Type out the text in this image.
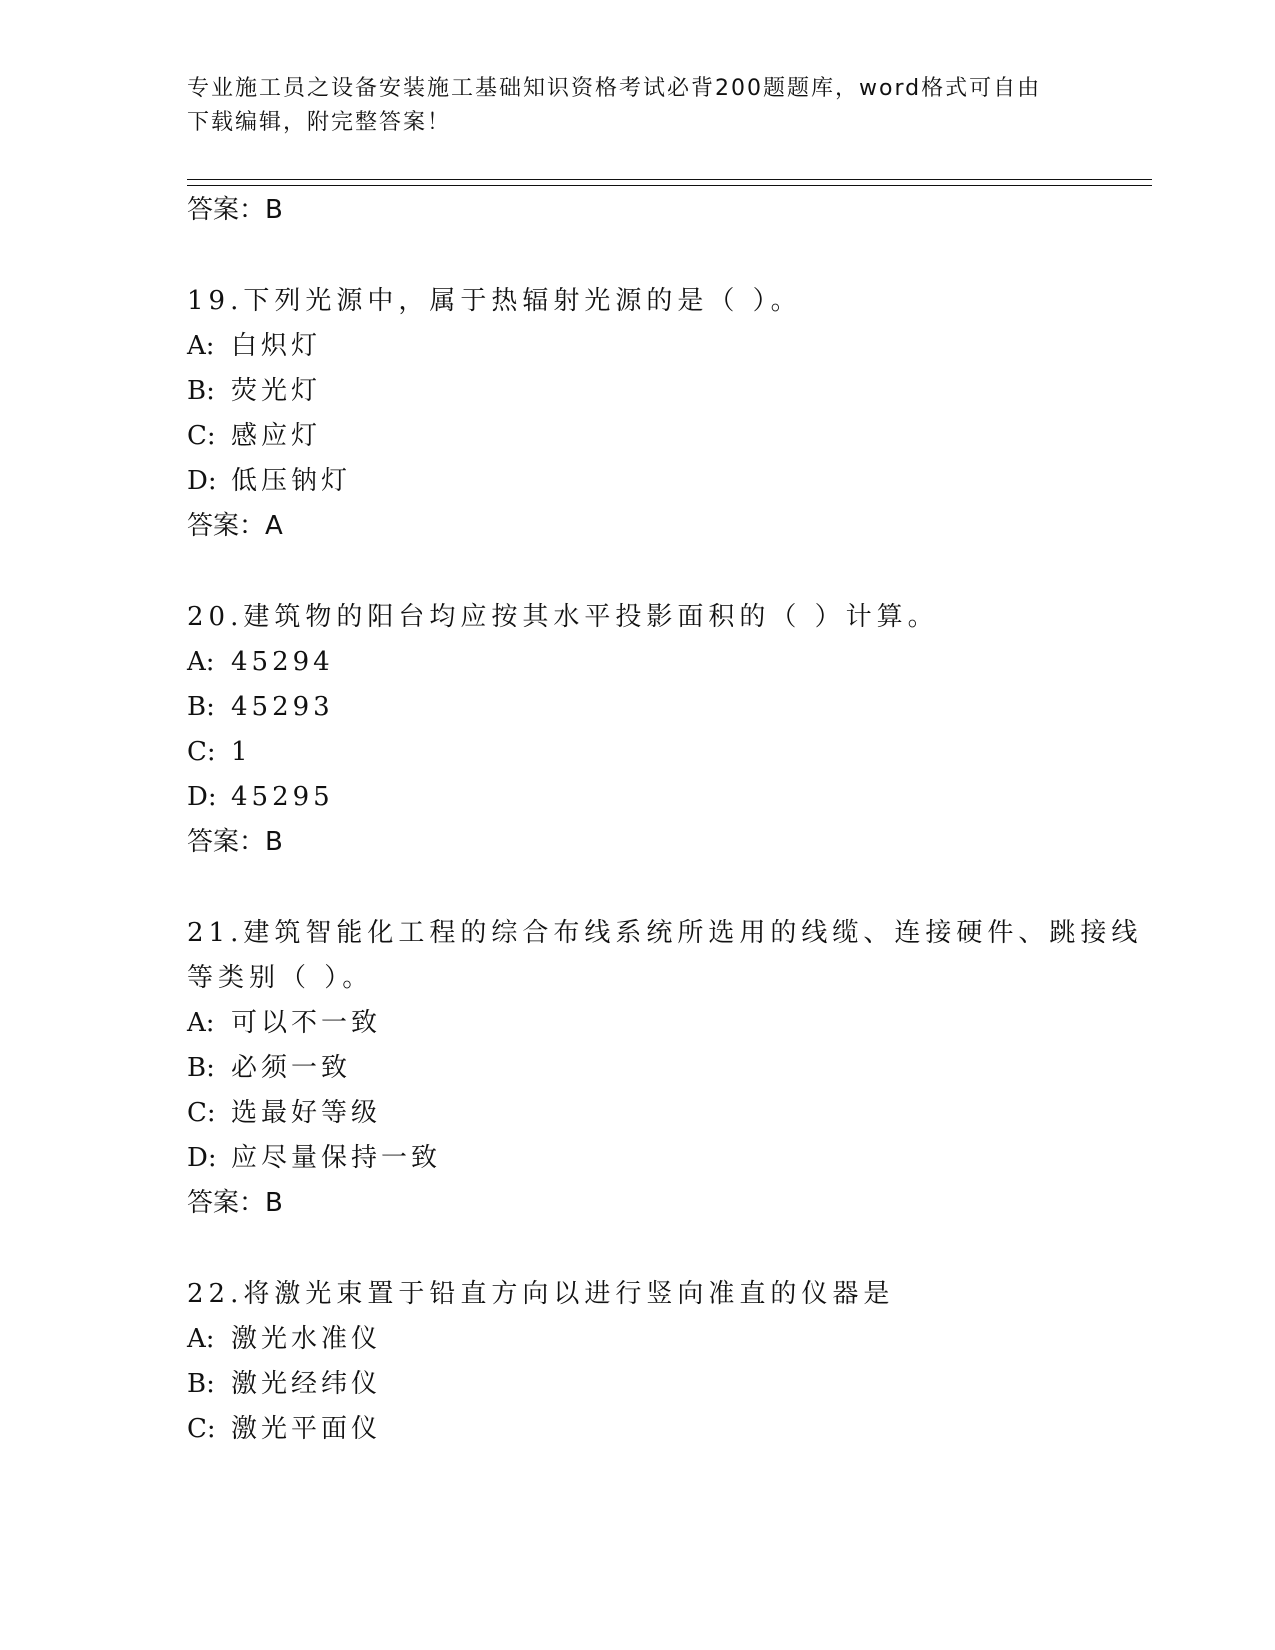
专业施工员之设备安装施工基础知识资格考试必背200题题库，word格式可自由
下载编辑，附完整答案！
答案：B
19.下列光源中，属于热辐射光源的是（ ）。
A: 白炽灯
B: 荧光灯
C: 感应灯
D: 低压钠灯
答案：A
20.建筑物的阳台均应按其水平投影面积的（ ）计算。
A: 45294
B: 45293
C: 1
D: 45295
答案：B
21.建筑智能化工程的综合布线系统所选用的线缆、连接硬件、跳接线等类别（ ）。
A: 可以不一致
B: 必须一致
C: 选最好等级
D: 应尽量保持一致
答案：B
22.将激光束置于铅直方向以进行竖向准直的仪器是
A: 激光水准仪
B: 激光经纬仪
C: 激光平面仪
